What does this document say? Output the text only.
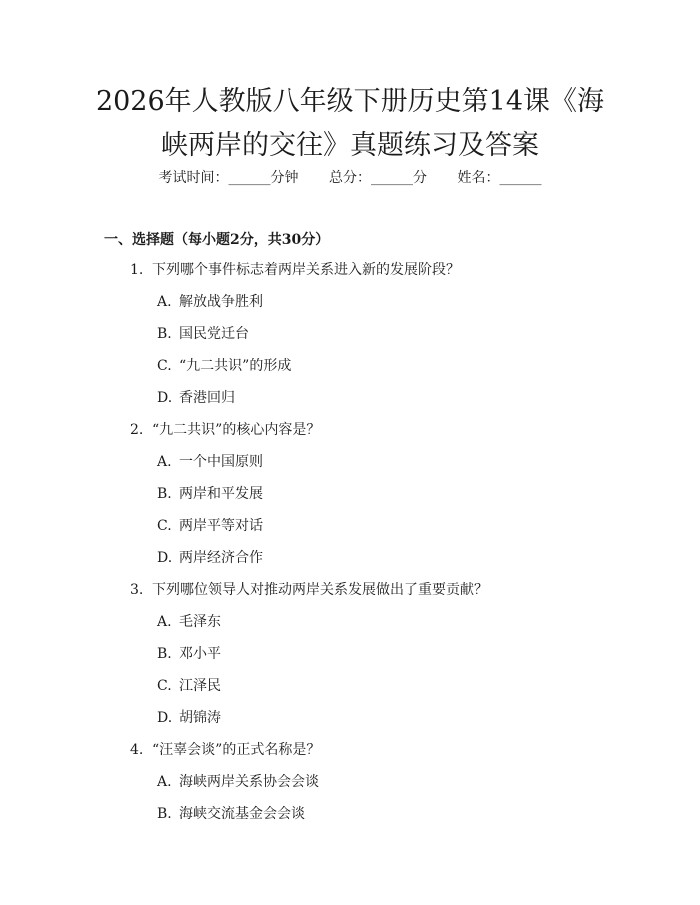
2026年人教版八年级下册历史第14课《海
峡两岸的交往》真题练习及答案
考试时间：______分钟 总分：______分 姓名：______
一、选择题（每小题2分，共30分）
1. 下列哪个事件标志着两岸关系进入新的发展阶段？
A. 解放战争胜利
B. 国民党迁台
C. “九二共识”的形成
D. 香港回归
2. “九二共识”的核心内容是？
A. 一个中国原则
B. 两岸和平发展
C. 两岸平等对话
D. 两岸经济合作
3. 下列哪位领导人对推动两岸关系发展做出了重要贡献？
A. 毛泽东
B. 邓小平
C. 江泽民
D. 胡锦涛
4. “汪辜会谈”的正式名称是？
A. 海峡两岸关系协会会谈
B. 海峡交流基金会会谈
